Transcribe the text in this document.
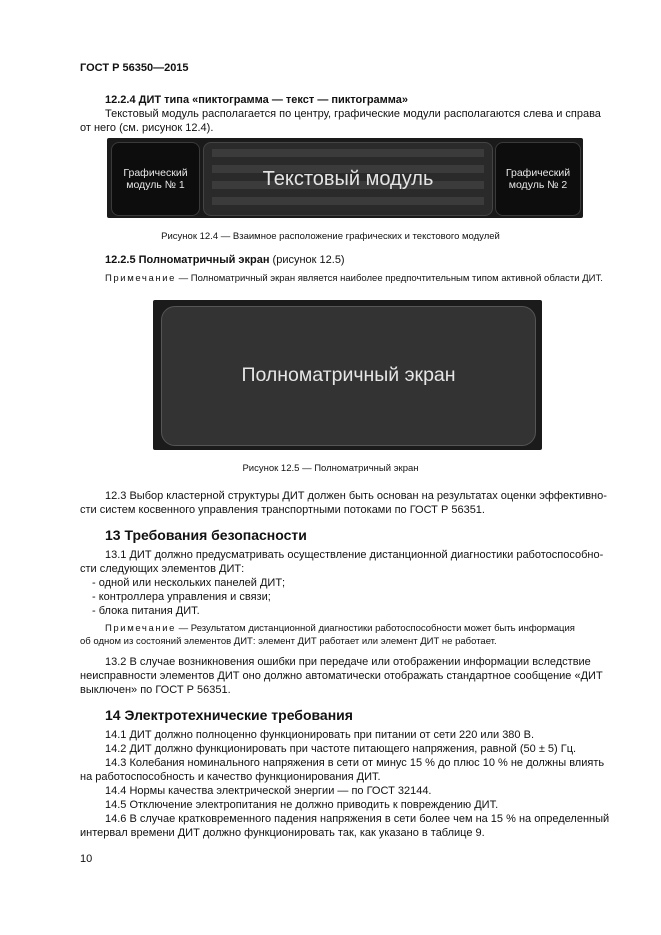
ГОСТ Р 56350—2015
12.2.4 ДИТ типа «пиктограмма — текст — пиктограмма»
Текстовый модуль располагается по центру, графические модули располагаются слева и справа
от него (см. рисунок 12.4).
Графический
модуль № 1	Текстовый модуль	Графический
модуль № 2
Рисунок 12.4 — Взаимное расположение графических и текстового модулей
12.2.5 Полноматричный экран (рисунок 12.5)
Примечание — Полноматричный экран является наиболее предпочтительным типом активной области ДИТ.
Полноматричный экран
Рисунок 12.5 — Полноматричный экран
12.3 Выбор кластерной структуры ДИТ должен быть основан на результатах оценки эффективно-
сти систем косвенного управления транспортными потоками по ГОСТ Р 56351.
13 Требования безопасности
13.1 ДИТ должно предусматривать осуществление дистанционной диагностики работоспособно-
сти следующих элементов ДИТ:
- одной или нескольких панелей ДИТ;
- контроллера управления и связи;
- блока питания ДИТ.
Примечание — Результатом дистанционной диагностики работоспособности может быть информация
об одном из состояний элементов ДИТ: элемент ДИТ работает или элемент ДИТ не работает.
13.2 В случае возникновения ошибки при передаче или отображении информации вследствие
неисправности элементов ДИТ оно должно автоматически отображать стандартное сообщение «ДИТ
выключен» по ГОСТ Р 56351.
14 Электротехнические требования
14.1 ДИТ должно полноценно функционировать при питании от сети 220 или 380 В.
14.2 ДИТ должно функционировать при частоте питающего напряжения, равной (50 ± 5) Гц.
14.3 Колебания номинального напряжения в сети от минус 15 % до плюс 10 % не должны влиять
на работоспособность и качество функционирования ДИТ.
14.4 Нормы качества электрической энергии — по ГОСТ 32144.
14.5 Отключение электропитания не должно приводить к повреждению ДИТ.
14.6 В случае кратковременного падения напряжения в сети более чем на 15 % на определенный
интервал времени ДИТ должно функционировать так, как указано в таблице 9.
10
